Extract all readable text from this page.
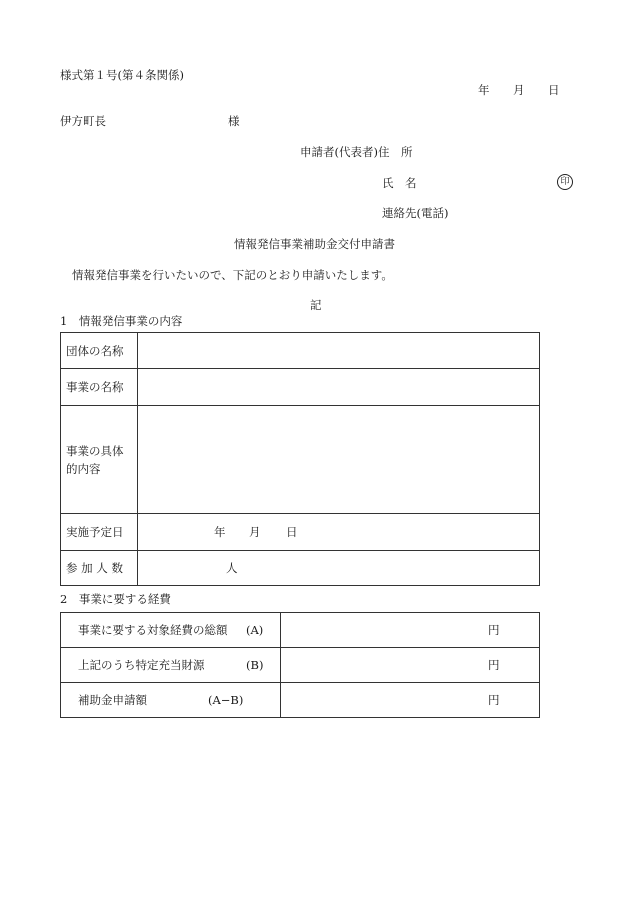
様式第１号(第４条関係)
年 月 日
伊方町長	様
申請者(代表者)住　所
氏　名	印
連絡先(電話)
情報発信事業補助金交付申請書
情報発信事業を行いたいので、下記のとおり申請いたします。
記
1　情報発信事業の内容
団体の名称	
事業の名称	

事業の具体
的内容	

実施予定日	年 月 日

参 加 人 数	人
2　事業に要する経費
事業に要する対象経費の総額 (A)	円

上記のうち特定充当財源 (B)	円

補助金申請額 (A−B)	円
